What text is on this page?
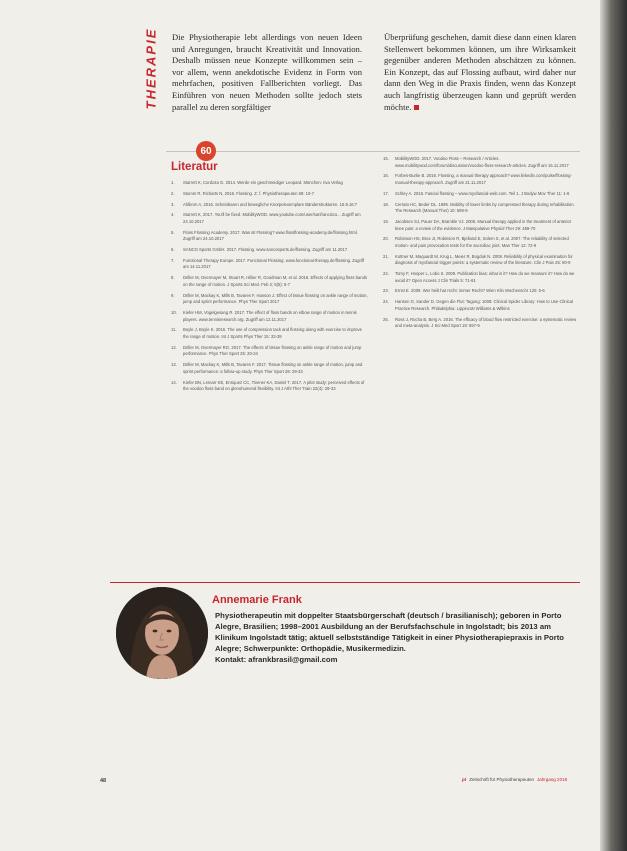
THERAPIE Die Physiotherapie lebt allerdings von neuen Ideen und Anregungen, braucht Kreativität und Innovation. Deshalb müssen neue Konzepte willkommen sein – vor allem, wenn anekdotische Evidenz in Form von mehrfachen, positiven Fallberichten vorliegt. Das Einführen von neuen Methoden sollte jedoch stets parallel zu deren sorgfältiger
Überprüfung geschehen, damit diese dann einen klaren Stellenwert bekommen können, um ihre Wirksamkeit gegenüber anderen Methoden abschätzen zu können. Ein Konzept, das auf Flossing aufbaut, wird daher nur dann den Weg in die Praxis finden, wenn das Konzept auch langfristig überzeugen kann und geprüft werden möchte.
60
Literatur
1.	Starrett K, Cordoza G. 2014. Werde ein geschmeidiger Leopard. München: riva Verlag
2.	Stumm R, Richarts N, 2016. Flossing. Z. f. Physiotherapeuten 68: 10-7
3.	Ahlborn A, 2016. Scheinbaren und bewegliche Knorpelexemplare Bänderstrukturen. 15.9.16:7
4.	Starrett K, 2017. You'll be fixed. MobilityWOD. www.youtube.com/user/sanfrancisco... Zugriff am 24.10.2017
5.	Floss Flossing Academy. 2017. Was ist Flossing? www.flossflossing-academy.de/flossing.html. Zugriff am 24.10.2017
6.	SANCO Sports GmbH. 2017. Flossing. www.sancosports.de/flossing. Zugriff am 11.2017
7.	Functional Therapy Europe. 2017. Functional Flossing. www.functional-therapy.de/flossing. Zugriff am 14.11.2017
8.	Driller M, Overmayer M, Stuart R, Hillier R, Goodman M, et al. 2016. Effects of applying floss bands on the range of motion. J Sports Sci Med. Feb 2; 5(5): 5-7
9.	Driller M, Mackay K, Mills B, Tavares F, Hanson J. Effect of tissue flossing on ankle range of motion, jump and sprint performance. Phys Ther Sport 2017
10.	Kiefer HM, Vogelgesang R. 2017. The effect of floss bands on elbow range of motion in tennis players. www.tennisresearch.org. Zugriff am 12.11.2017
11.	Boyle J, Boyle K. 2016. The use of compression tack and flossing along with exercise to improve the range of motion. Int J Sports Phys Ther 15: 33-39
12.	Driller M, Overmayer RG. 2017. The effects of tissue flossing on ankle range of motion and jump performance. Phys Ther Sport 25: 20-24
13.	Driller M, Mackay K, Mills B, Tavares F. 2017. Tissue flossing on ankle range of motion, jump and sprint performance: a follow-up study. Phys Ther Sport 28: 29-33
14.	Kiefer BN, Lemarr KE, Enriquez CC, Tivener KA, Daniel T. 2017. A pilot study: perceived effects of the voodoo floss band on glenohumeral flexibility. Int J Athl Ther Train 22(4): 29-33
15.	MobilityWOD. 2017. Voodoo Floss – Research / Articles. www.mobilitywod.com/forum/discussion/voodoo-floss-research-articles. Zugriff am 15.11.2017
16.	Forbes-Burke B. 2016. Flossing, a manual therapy approach? www.linkedin.com/pulse/flossing-manual-therapy-approach. Zugriff am 21.11.2017
17.	Schley A. 2016. Fascial flossing – www.myofascial-web.com. Teil 1. J Bodyw Mov Ther 11: 1-6
18.	Cerrato HC, Beder DL. 1995. Mobility of lower limbs by compressed therapy during rehabilitation. The Research (Manual Ther) 10: 599-9
19.	Jacobsen SJ, Pauer DA, Bramble VJ. 2006. Manual therapy applied in the treatment of anterior knee pain: a review of the evidence. J Manipulative Physiol Ther 29: 459-70
20.	Robinson HS, Brox JI, Robinson R, Bjelland E, Solem S, et al. 2007. The reliability of selected motion- and pain provocation tests for the sacroiliac joint. Man Ther 12: 72-9
21.	Kottner M, Maquardt M, Krug L, Meier R, Bogduk N. 2008. Reliability of physical examination for diagnosis of myofascial trigger points: a systematic review of the literature. Clin J Pain 25: 80-9
22.	Tomy F, Hooper L, Lobo S. 2009. Publication bias: what is it? How do we measure it? How do we avoid it? Open Access J Clin Trials 5: 71-81
23.	Ernst E. 2008. Wer heilt hat recht: immer Recht? Wien Klin Wochenschr 120: 5-6
24.	Hansen G, Sander D. Gegen die Flut: Tagung: 1008: Clinical Spider Library: How to Use Clinical Practice Research. Philadelphia: Lippincott Williams & Wilkins
25.	Ross J, Rocha B, Berg A. 2016. The efficacy of blood flow restricted exercise: a systematic review and meta-analysis. J Sci Med Sport 19: 657-9
Annemarie Frank
Physiotherapeutin mit doppelter Staatsbürgerschaft (deutsch / brasilianisch); geboren in Porto Alegre, Brasilien; 1998–2001 Ausbildung an der Berufsfachschule in Ingolstadt; bis 2013 am Klinikum Ingolstadt tätig; aktuell selbstständige Tätigkeit in einer Physiotherapiepraxis in Porto Alegre; Schwerpunkte: Orthopädie, Musikermedizin.
Kontakt: afrankbrasil@gmail.com
48	pt Zeitschrift für Physiotherapeuten Jahrgang 2018
